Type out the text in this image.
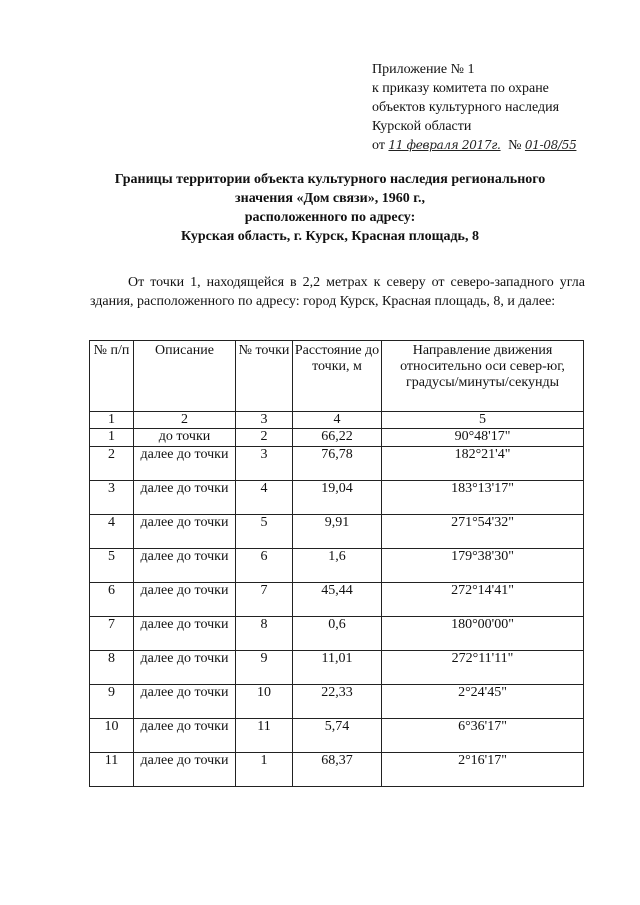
Приложение № 1
к приказу комитета по охране
объектов культурного наследия
Курской области
от 11 февраля 2017г. № 01-08/55
Границы территории объекта культурного наследия регионального
значения «Дом связи», 1960 г.,
расположенного по адресу:
Курская область, г. Курск, Красная площадь, 8

От точки 1, находящейся в 2,2 метрах к северу от северо-западного угла здания, расположенного по адресу: город Курск, Красная площадь, 8, и далее:

№ п/п	Описание	№ точки	Расстояние до точки, м	Направление движения относительно оси север-юг, градусы/минуты/секунды
1	2	3	4	5
1	до точки	2	66,22	90°48'17"
2	далее до точки	3	76,78	182°21'4"
3	далее до точки	4	19,04	183°13'17"
4	далее до точки	5	9,91	271°54'32"
5	далее до точки	6	1,6	179°38'30"
6	далее до точки	7	45,44	272°14'41"
7	далее до точки	8	0,6	180°00'00"
8	далее до точки	9	11,01	272°11'11"
9	далее до точки	10	22,33	2°24'45"
10	далее до точки	11	5,74	6°36'17"
11	далее до точки	1	68,37	2°16'17"
